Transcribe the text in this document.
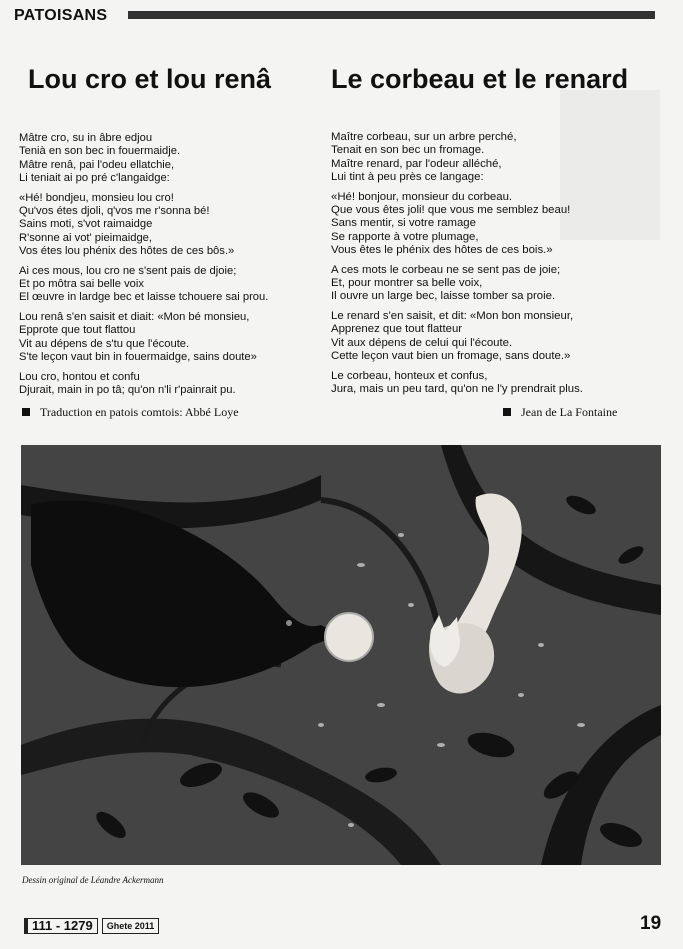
PATOISANS
Lou cro et lou renâ Le corbeau et le renard
Mâtre cro, su in âbre edjou
Tenià en son bec in fouermaidje.
Mâtre renâ, pai l'odeu ellatchie,
Li teniait ai po pré c'langaidge:
«Hé! bondjeu, monsieu lou cro!
Qu'vos étes djoli, q'vos me r'sonna bé!
Sains moti, s'vot raimaidge
R'sonne ai vot' pieimaidge,
Vos étes lou phénix des hôtes de ces bôs.»
Ai ces mous, lou cro ne s'sent pais de djoie;
Et po môtra sai belle voix
El œuvre in lardge bec et laisse tchouere sai prou.
Lou renâ s'en saisit et diait: «Mon bé monsieu,
Epprote que tout flattou
Vit au dépens de s'tu que l'écoute.
S'te leçon vaut bin in fouermaidge, sains doute»
Lou cro, hontou et confu
Djurait, main in po tâ; qu'on n'li r'painrait pu.
Maître corbeau, sur un arbre perché,
Tenait en son bec un fromage.
Maître renard, par l'odeur alléché,
Lui tint à peu près ce langage:
«Hé! bonjour, monsieur du corbeau.
Que vous êtes joli! que vous me semblez beau!
Sans mentir, si votre ramage
Se rapporte à votre plumage,
Vous êtes le phénix des hôtes de ces bois.»
A ces mots le corbeau ne se sent pas de joie;
Et, pour montrer sa belle voix,
Il ouvre un large bec, laisse tomber sa proie.
Le renard s'en saisit, et dit: «Mon bon monsieur,
Apprenez que tout flatteur
Vit aux dépens de celui qui l'écoute.
Cette leçon vaut bien un fromage, sans doute.»
Le corbeau, honteux et confus,
Jura, mais un peu tard, qu'on ne l'y prendrait plus.
Traduction en patois comtois: Abbé Loye	Jean de La Fontaine
Dessin original de Léandre Ackermann
111 - 1279	Ghete 2011	19
